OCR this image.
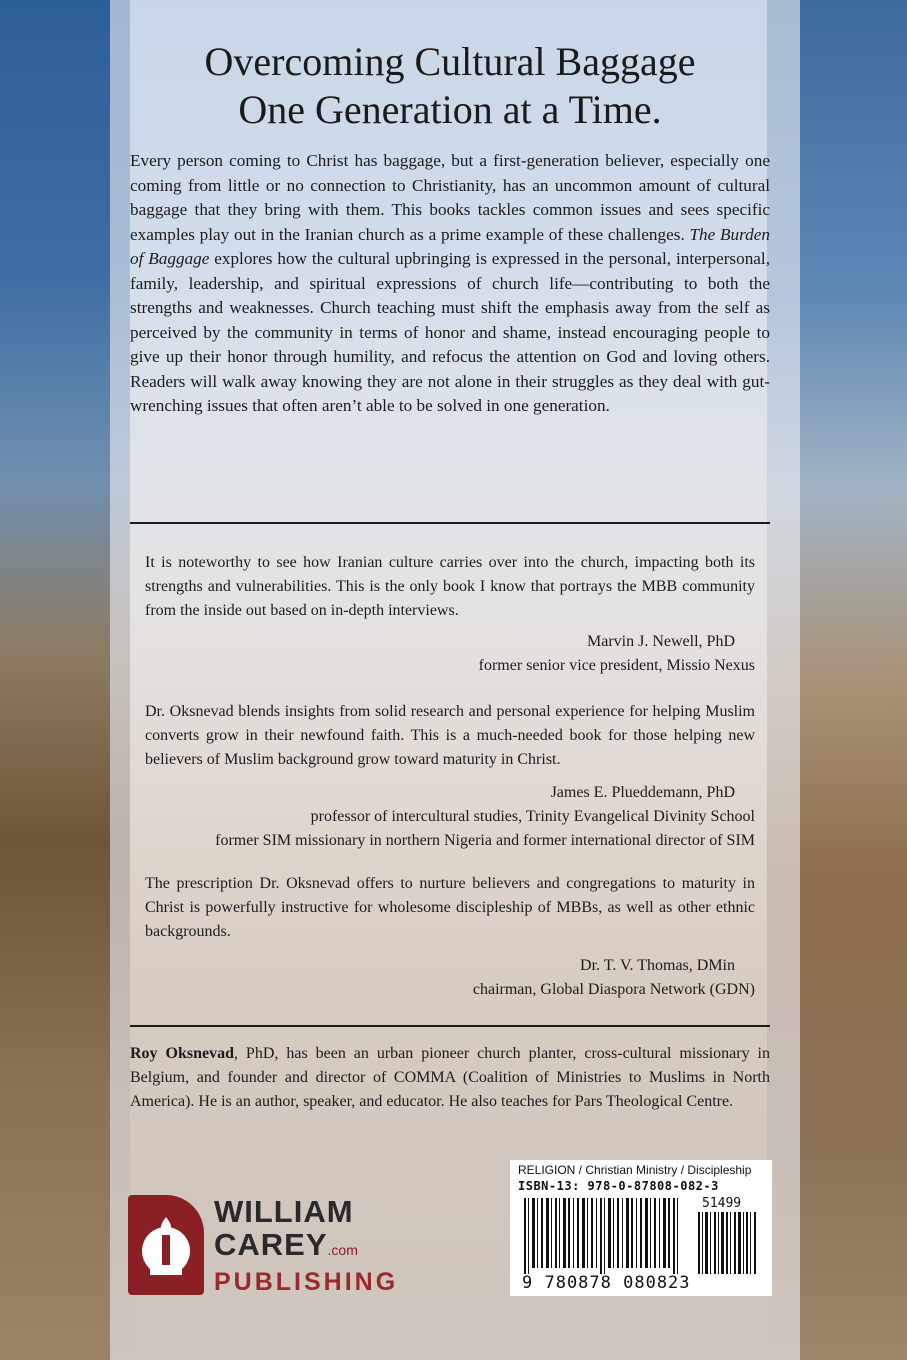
Overcoming Cultural Baggage
One Generation at a Time.

Every person coming to Christ has baggage, but a first-generation believer, especially one coming from little or no connection to Christianity, has an uncommon amount of cultural baggage that they bring with them. This books tackles common issues and sees specific examples play out in the Iranian church as a prime example of these challenges. The Burden of Baggage explores how the cultural upbringing is expressed in the personal, interpersonal, family, leadership, and spiritual expressions of church life—contributing to both the strengths and weaknesses. Church teaching must shift the emphasis away from the self as perceived by the community in terms of honor and shame, instead encouraging people to give up their honor through humility, and refocus the attention on God and loving others. Readers will walk away knowing they are not alone in their struggles as they deal with gut-wrenching issues that often aren’t able to be solved in one generation.

It is noteworthy to see how Iranian culture carries over into the church, impacting both its strengths and vulnerabilities. This is the only book I know that portrays the MBB community from the inside out based on in-depth interviews.

Marvin J. Newell, PhD
former senior vice president, Missio Nexus

Dr. Oksnevad blends insights from solid research and personal experience for helping Muslim converts grow in their newfound faith. This is a much-needed book for those helping new believers of Muslim background grow toward maturity in Christ.

James E. Plueddemann, PhD
professor of intercultural studies, Trinity Evangelical Divinity School
former SIM missionary in northern Nigeria and former international director of SIM

The prescription Dr. Oksnevad offers to nurture believers and congregations to maturity in Christ is powerfully instructive for wholesome discipleship of MBBs, as well as other ethnic backgrounds.

Dr. T. V. Thomas, DMin
chairman, Global Diaspora Network (GDN)

Roy Oksnevad, PhD, has been an urban pioneer church planter, cross-cultural missionary in Belgium, and founder and director of COMMA (Coalition of Ministries to Muslims in North America). He is an author, speaker, and educator. He also teaches for Pars Theological Centre.

WILLIAM
CAREY.com
PUBLISHING
RELIGION / Christian Ministry / Discipleship
ISBN-13: 978-0-87808-082-3
51499
9 780878 080823
